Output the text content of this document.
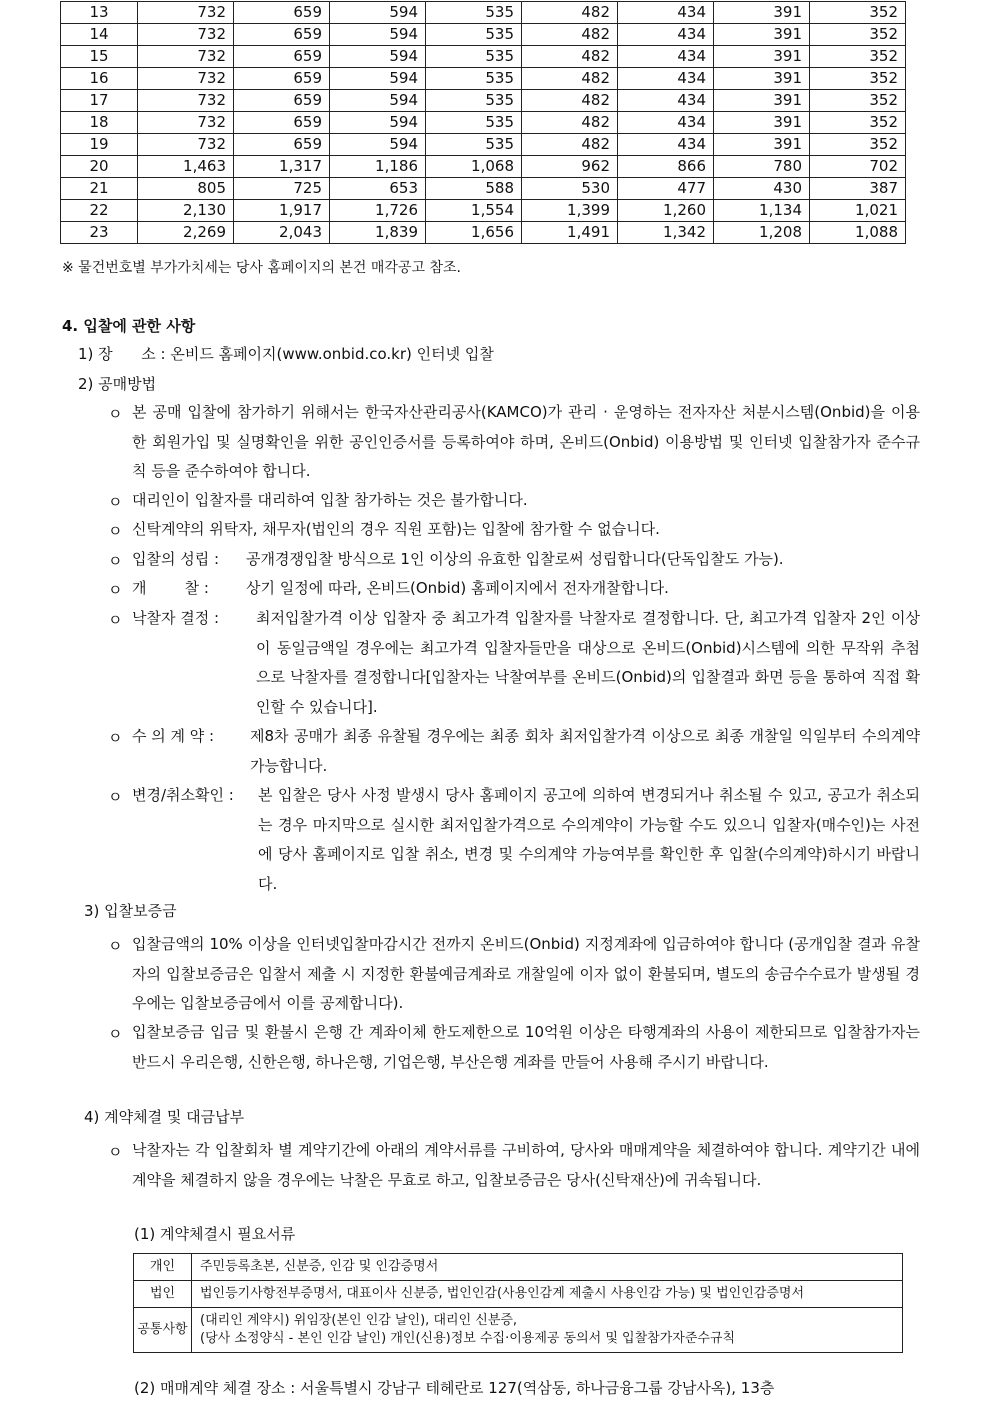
13	732	659	594	535	482	434	391	352
14	732	659	594	535	482	434	391	352
15	732	659	594	535	482	434	391	352
16	732	659	594	535	482	434	391	352
17	732	659	594	535	482	434	391	352
18	732	659	594	535	482	434	391	352
19	732	659	594	535	482	434	391	352
20	1,463	1,317	1,186	1,068	962	866	780	702
21	805	725	653	588	530	477	430	387
22	2,130	1,917	1,726	1,554	1,399	1,260	1,134	1,021
23	2,269	2,043	1,839	1,656	1,491	1,342	1,208	1,088
※ 물건번호별 부가가치세는 당사 홈페이지의 본건 매각공고 참조.
4. 입찰에 관한 사항
1) 장      소 : 온비드 홈페이지(www.onbid.co.kr) 인터넷 입찰
2) 공매방법
ㅇ 본 공매 입찰에 참가하기 위해서는 한국자산관리공사(KAMCO)가 관리 · 운영하는 전자자산 처분시스템(Onbid)을 이용한 회원가입 및 실명확인을 위한 공인인증서를 등록하여야 하며, 온비드(Onbid) 이용방법 및 인터넷 입찰참가자 준수규칙 등을 준수하여야 합니다.
ㅇ 대리인이 입찰자를 대리하여 입찰 참가하는 것은 불가합니다.
ㅇ 신탁계약의 위탁자, 채무자(법인의 경우 직원 포함)는 입찰에 참가할 수 없습니다.
ㅇ 입찰의 성립 : 공개경쟁입찰 방식으로 1인 이상의 유효한 입찰로써 성립합니다(단독입찰도 가능).
ㅇ 개        찰 : 상기 일정에 따라, 온비드(Onbid) 홈페이지에서 전자개찰합니다.
ㅇ 낙찰자 결정 : 최저입찰가격 이상 입찰자 중 최고가격 입찰자를 낙찰자로 결정합니다. 단, 최고가격 입찰자 2인 이상이 동일금액일 경우에는 최고가격 입찰자들만을 대상으로 온비드(Onbid)시스템에 의한 무작위 추첨으로 낙찰자를 결정합니다[입찰자는 낙찰여부를 온비드(Onbid)의 입찰결과 화면 등을 통하여 직접 확인할 수 있습니다].
ㅇ 수 의 계 약 : 제8차 공매가 최종 유찰될 경우에는 최종 회차 최저입찰가격 이상으로 최종 개찰일 익일부터 수의계약 가능합니다.
ㅇ 변경/취소확인 : 본 입찰은 당사 사정 발생시 당사 홈페이지 공고에 의하여 변경되거나 취소될 수 있고, 공고가 취소되는 경우 마지막으로 실시한 최저입찰가격으로 수의계약이 가능할 수도 있으니 입찰자(매수인)는 사전에 당사 홈페이지로 입찰 취소, 변경 및 수의계약 가능여부를 확인한 후 입찰(수의계약)하시기 바랍니다.
3) 입찰보증금
ㅇ 입찰금액의 10% 이상을 인터넷입찰마감시간 전까지 온비드(Onbid) 지정계좌에 입금하여야 합니다 (공개입찰 결과 유찰자의 입찰보증금은 입찰서 제출 시 지정한 환불예금계좌로 개찰일에 이자 없이 환불되며, 별도의 송금수수료가 발생될 경우에는 입찰보증금에서 이를 공제합니다).
ㅇ 입찰보증금 입금 및 환불시 은행 간 계좌이체 한도제한으로 10억원 이상은 타행계좌의 사용이 제한되므로 입찰참가자는 반드시 우리은행, 신한은행, 하나은행, 기업은행, 부산은행 계좌를 만들어 사용해 주시기 바랍니다.
4) 계약체결 및 대금납부
ㅇ 낙찰자는 각 입찰회차 별 계약기간에 아래의 계약서류를 구비하여, 당사와 매매계약을 체결하여야 합니다. 계약기간 내에 계약을 체결하지 않을 경우에는 낙찰은 무효로 하고, 입찰보증금은 당사(신탁재산)에 귀속됩니다.
(1) 계약체결시 필요서류
개인	주민등록초본, 신분증, 인감 및 인감증명서
법인	법인등기사항전부증명서, 대표이사 신분증, 법인인감(사용인감계 제출시 사용인감 가능) 및 법인인감증명서
공통사항	(대리인 계약시) 위임장(본인 인감 날인), 대리인 신분증,
(당사 소정양식 - 본인 인감 날인) 개인(신용)정보 수집·이용제공 동의서 및 입찰참가자준수규칙
(2) 매매계약 체결 장소 : 서울특별시 강남구 테헤란로 127(역삼동, 하나금융그룹 강남사옥), 13층
